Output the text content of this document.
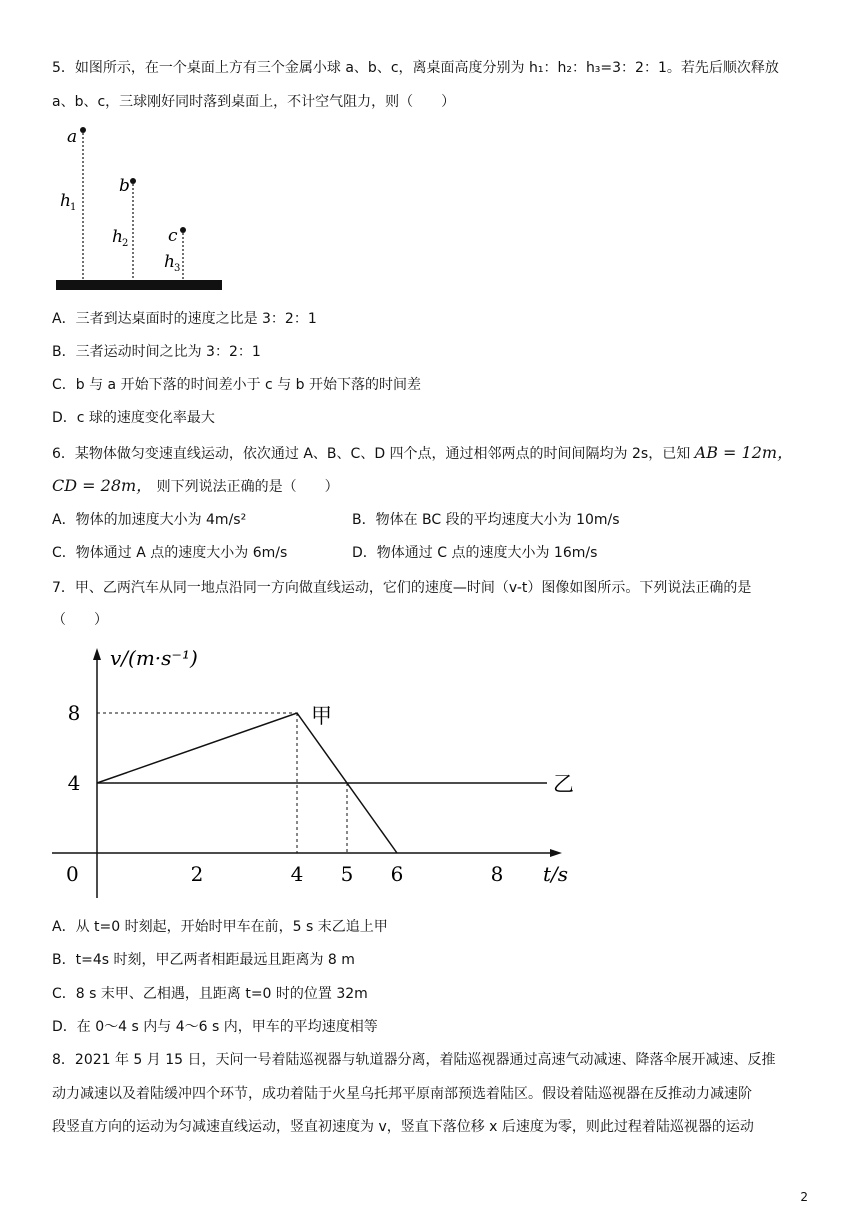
5．如图所示，在一个桌面上方有三个金属小球 a、b、c，离桌面高度分别为 h₁：h₂：h₃=3：2：1。若先后顺次释放
a、b、c，三球刚好同时落到桌面上，不计空气阻力，则（　　）
a
b
c
h 1
h 2
h 3
A．三者到达桌面时的速度之比是 3：2：1
B．三者运动时间之比为 3：2：1
C．b 与 a 开始下落的时间差小于 c 与 b 开始下落的时间差
D．c 球的速度变化率最大
6．某物体做匀变速直线运动，依次通过 A、B、C、D 四个点，通过相邻两点的时间间隔均为 2s，已知 AB = 12m，
CD = 28m， 则下列说法正确的是（　　）
A．物体的加速度大小为 4m/s²	B．物体在 BC 段的平均速度大小为 10m/s
C．物体通过 A 点的速度大小为 6m/s	D．物体通过 C 点的速度大小为 16m/s
7．甲、乙两汽车从同一地点沿同一方向做直线运动，它们的速度—时间（v-t）图像如图所示。下列说法正确的是
（　　）
v/(m·s⁻¹)
t/s
0	2	4 5 6	8
4
8	甲
乙
A．从 t=0 时刻起，开始时甲车在前，5 s 末乙追上甲
B．t=4s 时刻，甲乙两者相距最远且距离为 8 m
C．8 s 末甲、乙相遇，且距离 t=0 时的位置 32m
D．在 0～4 s 内与 4～6 s 内，甲车的平均速度相等
8．2021 年 5 月 15 日，天问一号着陆巡视器与轨道器分离，着陆巡视器通过高速气动减速、降落伞展开减速、反推
动力减速以及着陆缓冲四个环节，成功着陆于火星乌托邦平原南部预选着陆区。假设着陆巡视器在反推动力减速阶
段竖直方向的运动为匀减速直线运动，竖直初速度为 v，竖直下落位移 x 后速度为零，则此过程着陆巡视器的运动
2
